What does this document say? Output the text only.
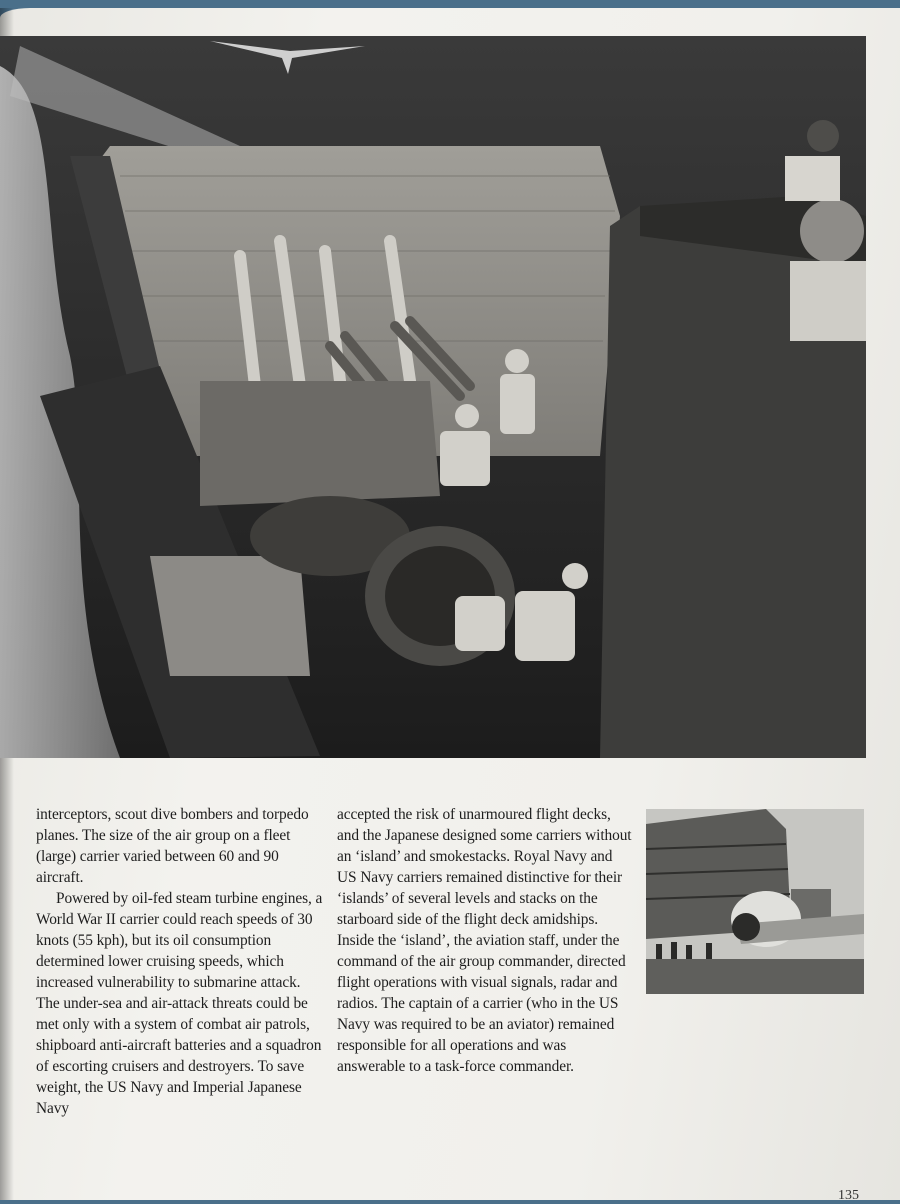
interceptors, scout dive bombers and torpedo planes. The size of the air group on a fleet (large) carrier varied between 60 and 90 aircraft.

Powered by oil-fed steam turbine engines, a World War II carrier could reach speeds of 30 knots (55 kph), but its oil consumption determined lower cruising speeds, which increased vulnerability to submarine attack. The under-sea and air-attack threats could be met only with a system of combat air patrols, shipboard anti-aircraft batteries and a squadron of escorting cruisers and destroyers. To save weight, the US Navy and Imperial Japanese Navy

accepted the risk of unarmoured flight decks, and the Japanese designed some carriers without an ‘island’ and smokestacks. Royal Navy and US Navy carriers remained distinctive for their ‘islands’ of several levels and stacks on the starboard side of the flight deck amidships. Inside the ‘island’, the aviation staff, under the command of the air group commander, directed flight operations with visual signals, radar and radios. The captain of a carrier (who in the US Navy was required to be an aviator) remained responsible for all operations and was answerable to a task-force commander.

135
